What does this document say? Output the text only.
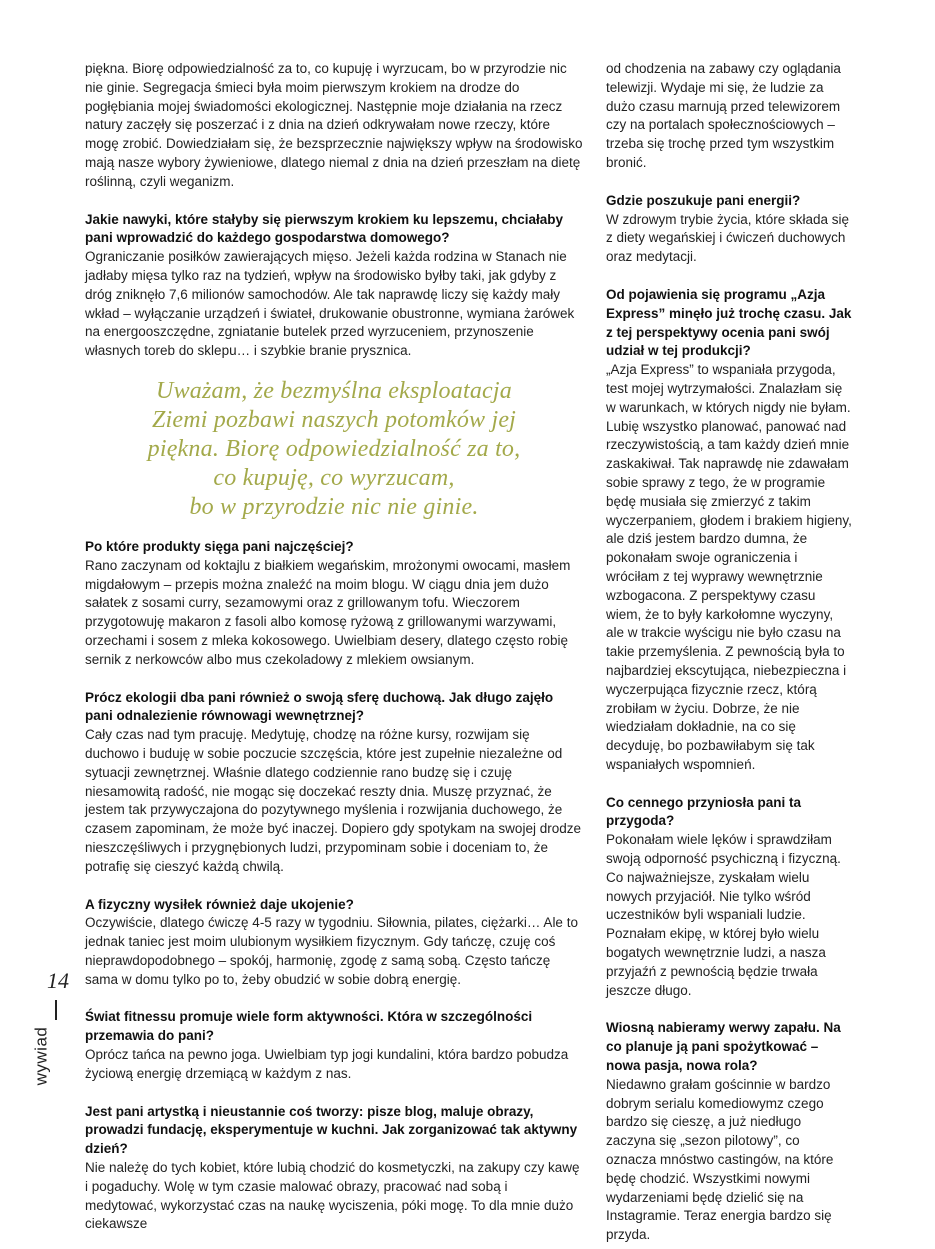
piękna. Biorę odpowiedzialność za to, co kupuję i wyrzucam, bo w przyrodzie nic nie ginie. Segregacja śmieci była moim pierwszym krokiem na drodze do pogłębiania mojej świadomości ekologicznej. Następnie moje działania na rzecz natury zaczęły się poszerzać i z dnia na dzień odkrywałam nowe rzeczy, które mogę zrobić. Dowiedziałam się, że bezsprzecznie największy wpływ na środowisko mają nasze wybory żywieniowe, dlatego niemal z dnia na dzień przeszłam na dietę roślinną, czyli weganizm.

Jakie nawyki, które stałyby się pierwszym krokiem ku lepszemu, chciałaby pani wprowadzić do każdego gospodarstwa domowego?

Ograniczanie posiłków zawierających mięso. Jeżeli każda rodzina w Stanach nie jadłaby mięsa tylko raz na tydzień, wpływ na środowisko byłby taki, jak gdyby z dróg zniknęło 7,6 milionów samochodów. Ale tak naprawdę liczy się każdy mały wkład – wyłączanie urządzeń i świateł, drukowanie obustronne, wymiana żarówek na energooszczędne, zgniatanie butelek przed wyrzuceniem, przynoszenie własnych toreb do sklepu… i szybkie branie prysznica.

Uważam, że bezmyślna eksploatacja
Ziemi pozbawi naszych potomków jej
piękna. Biorę odpowiedzialność za to,
co kupuję, co wyrzucam,
bo w przyrodzie nic nie ginie.

Po które produkty sięga pani najczęściej?

Rano zaczynam od koktajlu z białkiem wegańskim, mrożonymi owocami, masłem migdałowym – przepis można znaleźć na moim blogu. W ciągu dnia jem dużo sałatek z sosami curry, sezamowymi oraz z grillowanym tofu. Wieczorem przygotowuję makaron z fasoli albo komosę ryżową z grillowanymi warzywami, orzechami i sosem z mleka kokosowego. Uwielbiam desery, dlatego często robię sernik z nerkowców albo mus czekoladowy z mlekiem owsianym.

Prócz ekologii dba pani również o swoją sferę duchową. Jak długo zajęło pani odnalezienie równowagi wewnętrznej?

Cały czas nad tym pracuję. Medytuję, chodzę na różne kursy, rozwijam się duchowo i buduję w sobie poczucie szczęścia, które jest zupełnie niezależne od sytuacji zewnętrznej. Właśnie dlatego codziennie rano budzę się i czuję niesamowitą radość, nie mogąc się doczekać reszty dnia. Muszę przyznać, że jestem tak przywyczajona do pozytywnego myślenia i rozwijania duchowego, że czasem zapominam, że może być inaczej. Dopiero gdy spotykam na swojej drodze nieszczęśliwych i przygnębionych ludzi, przypominam sobie i doceniam to, że potrafię się cieszyć każdą chwilą.

A fizyczny wysiłek również daje ukojenie?

Oczywiście, dlatego ćwiczę 4-5 razy w tygodniu. Siłownia, pilates, ciężarki… Ale to jednak taniec jest moim ulubionym wysiłkiem fizycznym. Gdy tańczę, czuję coś nieprawdopodobnego – spokój, harmonię, zgodę z samą sobą. Często tańczę sama w domu tylko po to, żeby obudzić w sobie dobrą energię.

Świat fitnessu promuje wiele form aktywności. Która w szczególności przemawia do pani?

Oprócz tańca na pewno joga. Uwielbiam typ jogi kundalini, która bardzo pobudza życiową energię drzemiącą w każdym z nas.

Jest pani artystką i nieustannie coś tworzy: pisze blog, maluje obrazy, prowadzi fundację, eksperymentuje w kuchni. Jak zorganizować tak aktywny dzień?

Nie należę do tych kobiet, które lubią chodzić do kosmetyczki, na zakupy czy kawę i pogaduchy. Wolę w tym czasie malować obrazy, pracować nad sobą i medytować, wykorzystać czas na naukę wyciszenia, póki mogę. To dla mnie dużo ciekawsze

od chodzenia na zabawy czy oglądania telewizji. Wydaje mi się, że ludzie za dużo czasu marnują przed telewizorem czy na portalach społecznościowych – trzeba się trochę przed tym wszystkim bronić.

Gdzie poszukuje pani energii?

W zdrowym trybie życia, które składa się z diety wegańskiej i ćwiczeń duchowych oraz medytacji.

Od pojawienia się programu „Azja Express” minęło już trochę czasu. Jak z tej perspektywy ocenia pani swój udział w tej produkcji?

„Azja Express” to wspaniała przygoda, test mojej wytrzymałości. Znalazłam się w warunkach, w których nigdy nie byłam. Lubię wszystko planować, panować nad rzeczywistością, a tam każdy dzień mnie zaskakiwał. Tak naprawdę nie zdawałam sobie sprawy z tego, że w programie będę musiała się zmierzyć z takim wyczerpaniem, głodem i brakiem higieny, ale dziś jestem bardzo dumna, że pokonałam swoje ograniczenia i wróciłam z tej wyprawy wewnętrznie wzbogacona. Z perspektywy czasu wiem, że to były karkołomne wyczyny, ale w trakcie wyścigu nie było czasu na takie przemyślenia. Z pewnością była to najbardziej ekscytująca, niebezpieczna i wyczerpująca fizycznie rzecz, którą zrobiłam w życiu. Dobrze, że nie wiedziałam dokładnie, na co się decyduję, bo pozbawiłabym się tak wspaniałych wspomnień.

Co cennego przyniosła pani ta przygoda?

Pokonałam wiele lęków i sprawdziłam swoją odporność psychiczną i fizyczną. Co najważniejsze, zyskałam wielu nowych przyjaciół. Nie tylko wśród uczestników byli wspaniali ludzie. Poznałam ekipę, w której było wielu bogatych wewnętrznie ludzi, a nasza przyjaźń z pewnością będzie trwała jeszcze długo.

Wiosną nabieramy werwy zapału. Na co planuje ją pani spożytkować – nowa pasja, nowa rola?

Niedawno grałam gościnnie w bardzo dobrym serialu komediowymz czego bardzo się cieszę, a już niedługo zaczyna się „sezon pilotowy”, co oznacza mnóstwo castingów, na które będę chodzić. Wszystkimi nowymi wydarzeniami będę dzielić się na Instagramie. Teraz energia bardzo się przyda.

14
wywiad
